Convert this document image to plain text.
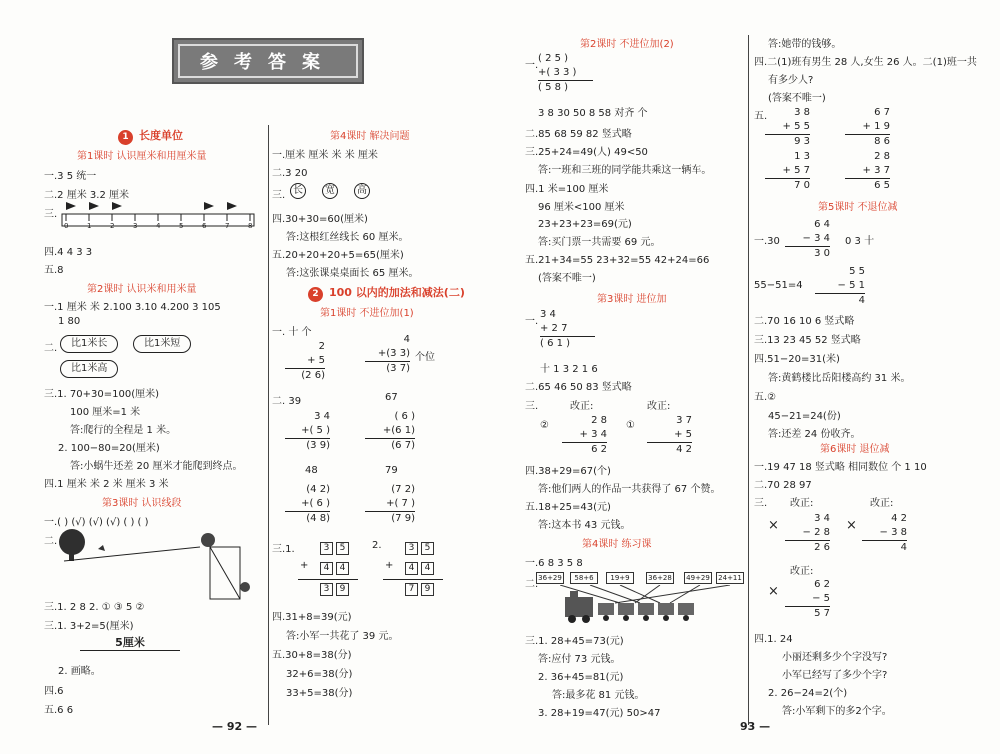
参考答案
1 长度单位
第1课时 认识厘米和用厘米量
一.3 5 统一
二.2 厘米 3.2 厘米
三.
0	1	2	3	4	5	6	7	8
四.4 4 3 3
五.8
第2课时 认识米和用米量
一.1 厘米 米 2.100 3.10 4.200 3 105
1 80
二.	比1米长	比1米短
比1米高
三.1. 70+30=100(厘米)
100 厘米=1 米
答:爬行的全程是 1 米。
2. 100−80=20(厘米)
答:小蜗牛还差 20 厘米才能爬到终点。
四.1 厘米 米 2 米 厘米 3 米
第3课时 认识线段
一.( ) (√) (√) (√) ( ) ( )
二.
三.1. 2 8 2. ① ③ 5 ②
三.1. 3+2=5(厘米)
5厘米
2. 画略。
四.6
五.6 6
第4课时 解决问题
一.厘米 厘米 米 米 厘米
二.3 20
三. 长	宽	高
四.30+30=60(厘米)
答:这根红丝线长 60 厘米。
五.20+20+20+5=65(厘米)
答:这张课桌桌面长 65 厘米。
2 100 以内的加法和减法(二)
第1课时 不进位加(1)
一. 十 个
2
+ 5
(2 6)
4
+(3 3)
(3 7)
个位
二. 39	67
3 4
+( 5 )
(3 9)
( 6 )
+(6 1)
(6 7)
48	79
(4 2)
+( 6 )
(4 8)
(7 2)
+( 7 )
(7 9)
三.1.	2.
+
3	5
4	4
3	9
+
3	5
4	4
7	9
四.31+8=39(元)
答:小军一共花了 39 元。
五.30+8=38(分)
32+6=38(分)
33+5=38(分)
— 92 —
第2课时 不进位加(2)
一.
( 2 5 )
+( 3 3 )
( 5 8 )
3 8 30 50 8 58 对齐 个
二.85 68 59 82 竖式略
三.25+24=49(人) 49<50
答:一班和三班的同学能共乘这一辆车。
四.1 米=100 厘米
96 厘米<100 厘米
23+23+23=69(元)
答:买门票一共需要 69 元。
五.21+34=55 23+32=55 42+24=66
(答案不唯一)
第3课时 进位加
一.
3 4
+ 2 7
( 6 1 )
十 1 3 2 1 6
二.65 46 50 83 竖式略
三.	改正:	改正:
②	①
2 8
+ 3 4
6 2
3 7
+ 5
4 2
四.38+29=67(个)
答:他们两人的作品一共获得了 67 个赞。
五.18+25=43(元)
答:这本书 43 元钱。
第4课时 练习课
一.6 8 3 5 8
二.
36+29	58+6	19+9	36+28	49+29	24+11
三.1. 28+45=73(元)
答:应付 73 元钱。
2. 36+45=81(元)
答:最多花 81 元钱。
3. 28+19=47(元) 50>47
93 —
答:她带的钱够。
四.二(1)班有男生 28 人,女生 26 人。二(1)班一共
有多少人?
(答案不唯一)
五.	3 8
+ 5 5
9 3
6 7
+ 1 9
8 6
1 3
+ 5 7
7 0
2 8
+ 3 7
6 5
第5课时 不退位减
一.30
6 4
− 3 4
3 0
0 3 十
55−51=4
5 5
− 5 1
4
二.70 16 10 6 竖式略
三.13 23 45 52 竖式略
四.51−20=31(米)
答:黄鹤楼比岳阳楼高约 31 米。
五.②
45−21=24(份)
答:还差 24 份收齐。
第6课时 退位减
一.19 47 18 竖式略 相同数位 个 1 10
二.70 28 97
三. 改正:	改正:
×	×
3 4
− 2 8
2 6
4 2
− 3 8
4
改正:
×	6 2
− 5
5 7
四.1. 24
小丽还剩多少个字没写?
小军已经写了多少个字?
2. 26−24=2(个)
答:小军剩下的多2个字。
